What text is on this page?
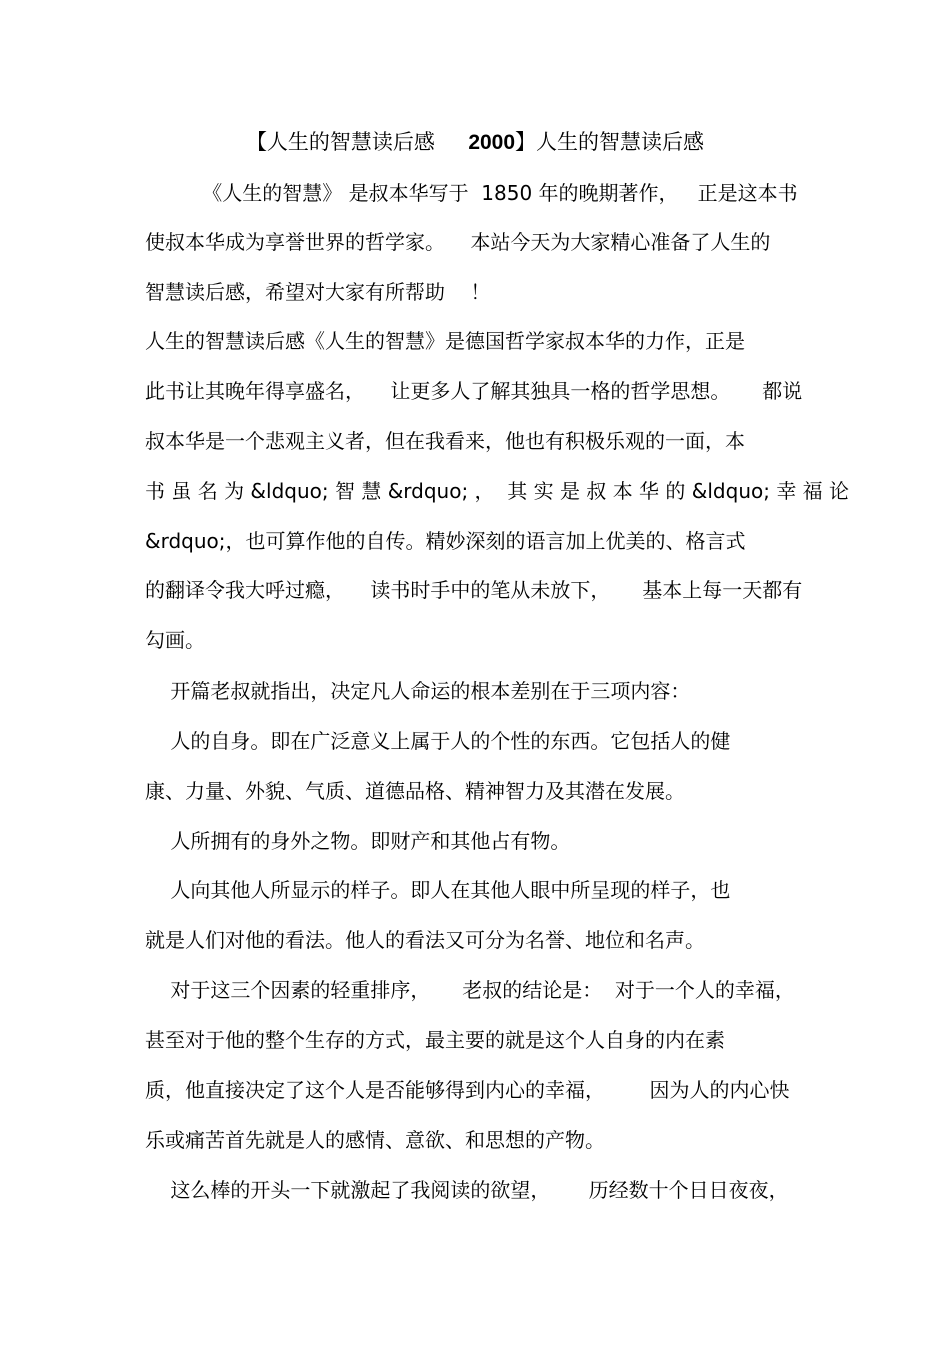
【人生的智慧读后感     2000】人生的智慧读后感
《人生的智慧》 是叔本华写于  1850 年的晚期著作，   正是这本书
使叔本华成为享誉世界的哲学家。    本站今天为大家精心准备了人生的
智慧读后感，希望对大家有所帮助    ！
人生的智慧读后感《人生的智慧》是德国哲学家叔本华的力作，正是
此书让其晚年得享盛名，    让更多人了解其独具一格的哲学思想。     都说
叔本华是一个悲观主义者，但在我看来，他也有积极乐观的一面，本
书 虽 名 为 &ldquo; 智 慧 &rdquo; ，  其 实 是 叔 本 华 的 &ldquo; 幸 福 论
&rdquo;，也可算作他的自传。精妙深刻的语言加上优美的、格言式
的翻译令我大呼过瘾，    读书时手中的笔从未放下，     基本上每一天都有
勾画。
开篇老叔就指出，决定凡人命运的根本差别在于三项内容：
人的自身。即在广泛意义上属于人的个性的东西。它包括人的健
康、力量、外貌、气质、道德品格、精神智力及其潜在发展。
人所拥有的身外之物。即财产和其他占有物。
人向其他人所显示的样子。即人在其他人眼中所呈现的样子，也
就是人们对他的看法。他人的看法又可分为名誉、地位和名声。
对于这三个因素的轻重排序，     老叔的结论是：  对于一个人的幸福，
甚至对于他的整个生存的方式，最主要的就是这个人自身的内在素
质，他直接决定了这个人是否能够得到内心的幸福，       因为人的内心快
乐或痛苦首先就是人的感情、意欲、和思想的产物。
这么棒的开头一下就激起了我阅读的欲望，      历经数十个日日夜夜，
